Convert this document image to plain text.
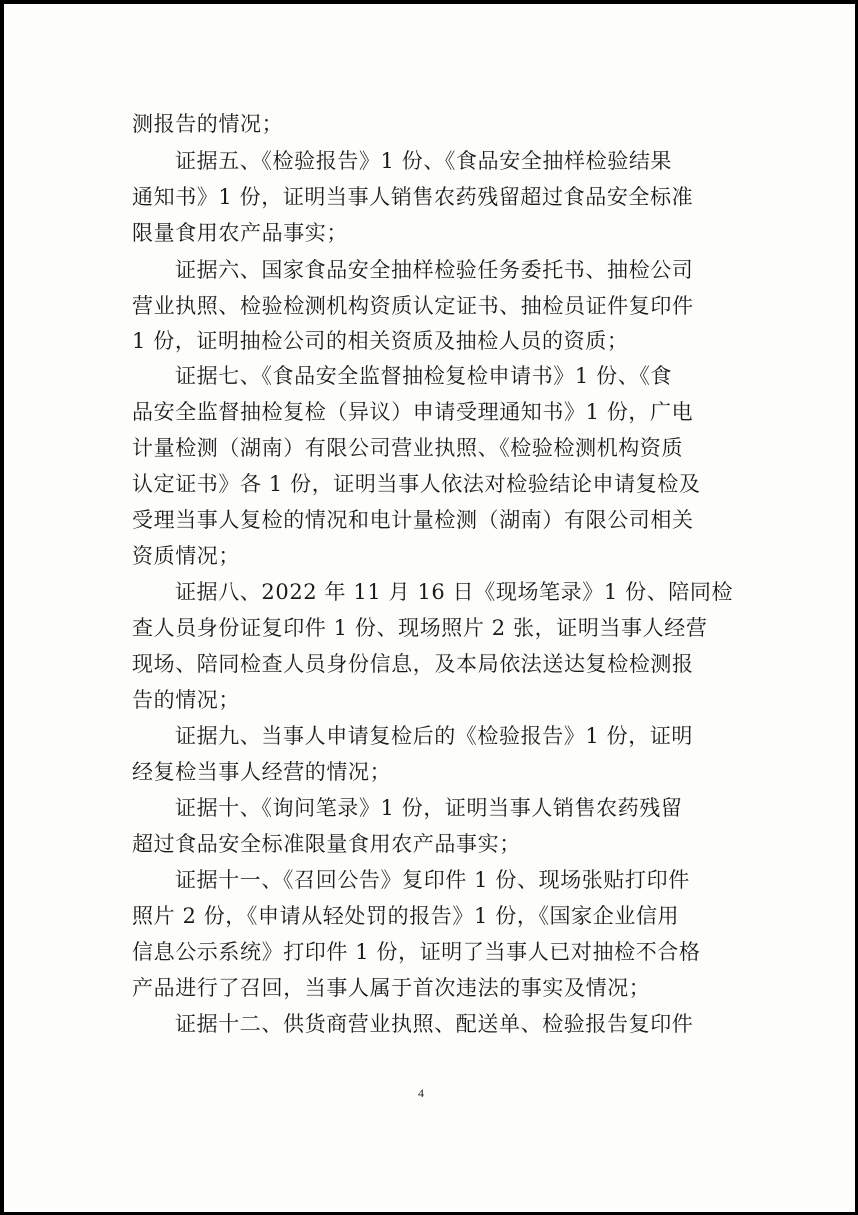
测报告的情况；
证据五、《检验报告》1 份、《食品安全抽样检验结果
通知书》1 份，证明当事人销售农药残留超过食品安全标准
限量食用农产品事实；
证据六、国家食品安全抽样检验任务委托书、抽检公司
营业执照、检验检测机构资质认定证书、抽检员证件复印件
1 份，证明抽检公司的相关资质及抽检人员的资质；
证据七、《食品安全监督抽检复检申请书》1 份、《食
品安全监督抽检复检（异议）申请受理通知书》1 份，广电
计量检测（湖南）有限公司营业执照、《检验检测机构资质
认定证书》各 1 份，证明当事人依法对检验结论申请复检及
受理当事人复检的情况和电计量检测（湖南）有限公司相关
资质情况；
证据八、2022 年 11 月 16 日《现场笔录》1 份、陪同检
查人员身份证复印件 1 份、现场照片 2 张，证明当事人经营
现场、陪同检查人员身份信息，及本局依法送达复检检测报
告的情况；
证据九、当事人申请复检后的《检验报告》1 份，证明
经复检当事人经营的情况；
证据十、《询问笔录》1 份，证明当事人销售农药残留
超过食品安全标准限量食用农产品事实；
证据十一、《召回公告》复印件 1 份、现场张贴打印件
照片 2 份，《申请从轻处罚的报告》1 份，《国家企业信用
信息公示系统》打印件 1 份，证明了当事人已对抽检不合格
产品进行了召回，当事人属于首次违法的事实及情况；
证据十二、供货商营业执照、配送单、检验报告复印件
4
